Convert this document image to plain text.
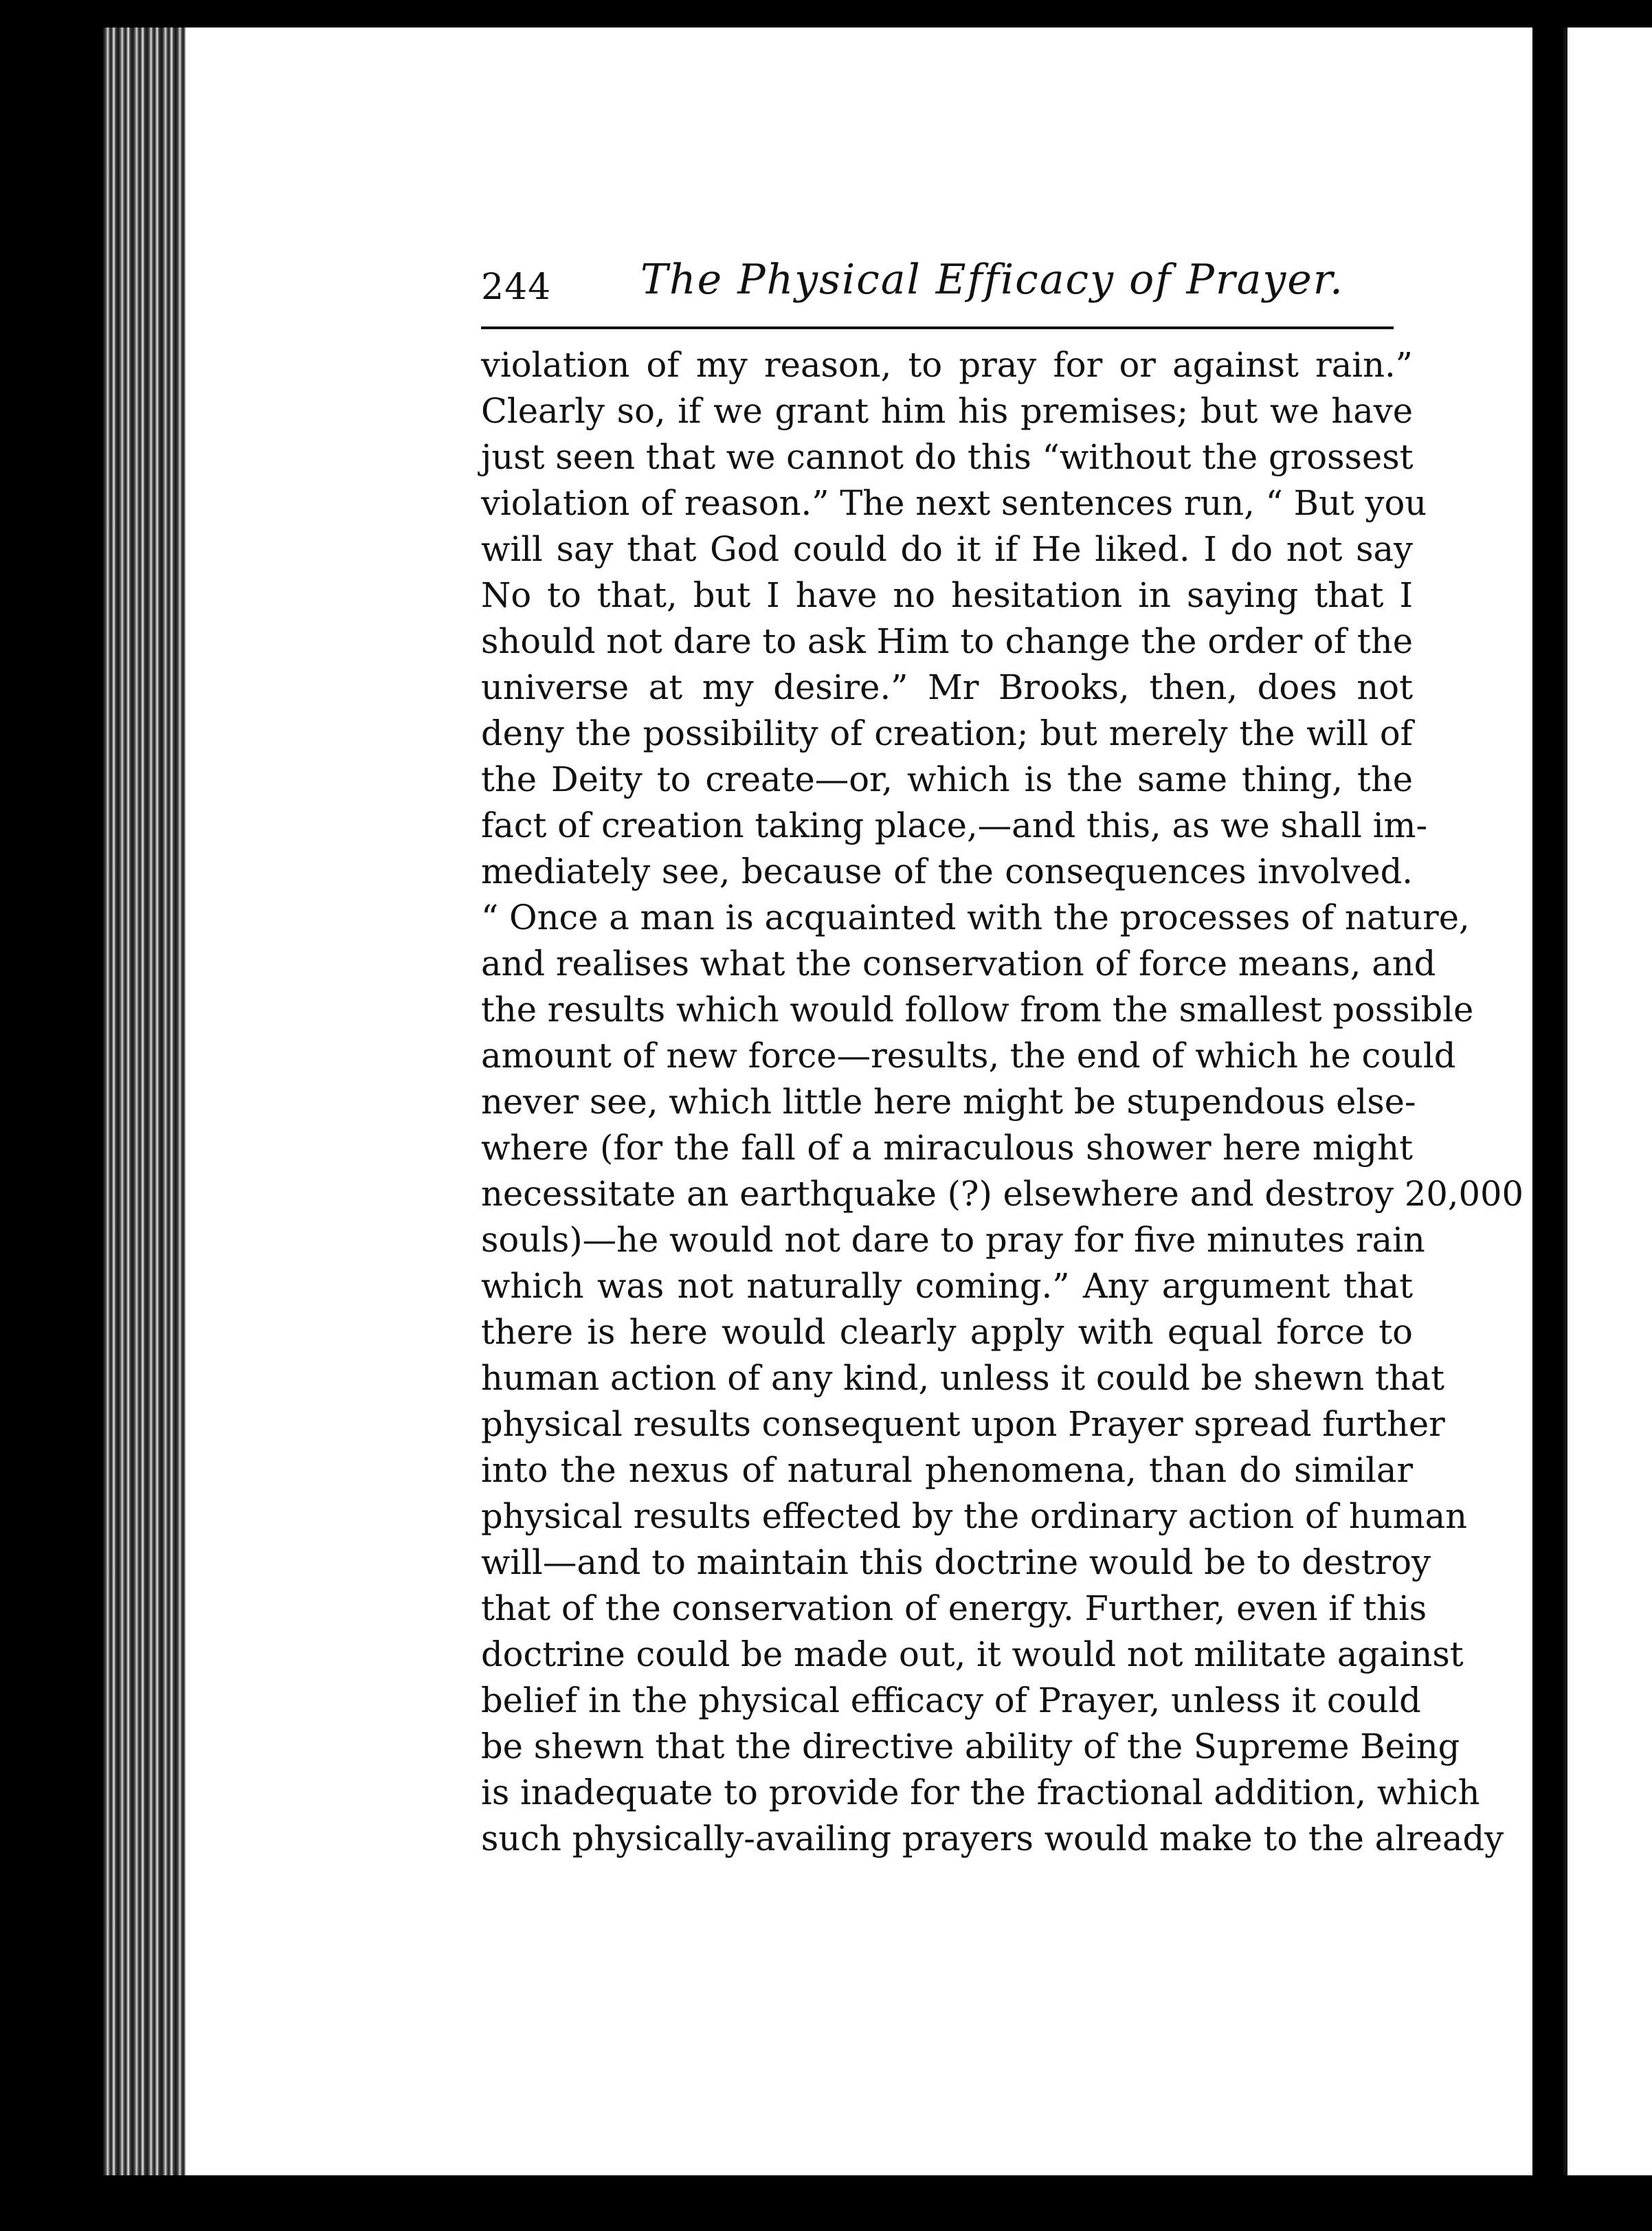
244 The Physical Efficacy of Prayer.
violation of my reason, to pray for or against rain.”
Clearly so, if we grant him his premises; but we have
just seen that we cannot do this “without the grossest
violation of reason.” The next sentences run, “ But you
will say that God could do it if He liked. I do not say
No to that, but I have no hesitation in saying that I
should not dare to ask Him to change the order of the
universe at my desire.” Mr Brooks, then, does not
deny the possibility of creation; but merely the will of
the Deity to create—or, which is the same thing, the
fact of creation taking place,—and this, as we shall im-
mediately see, because of the consequences involved.
“ Once a man is acquainted with the processes of nature,
and realises what the conservation of force means, and
the results which would follow from the smallest possible
amount of new force—results, the end of which he could
never see, which little here might be stupendous else-
where (for the fall of a miraculous shower here might
necessitate an earthquake (?) elsewhere and destroy 20,000
souls)—he would not dare to pray for five minutes rain
which was not naturally coming.” Any argument that
there is here would clearly apply with equal force to
human action of any kind, unless it could be shewn that
physical results consequent upon Prayer spread further
into the nexus of natural phenomena, than do similar
physical results effected by the ordinary action of human
will—and to maintain this doctrine would be to destroy
that of the conservation of energy. Further, even if this
doctrine could be made out, it would not militate against
belief in the physical efficacy of Prayer, unless it could
be shewn that the directive ability of the Supreme Being
is inadequate to provide for the fractional addition, which
such physically-availing prayers would make to the already
